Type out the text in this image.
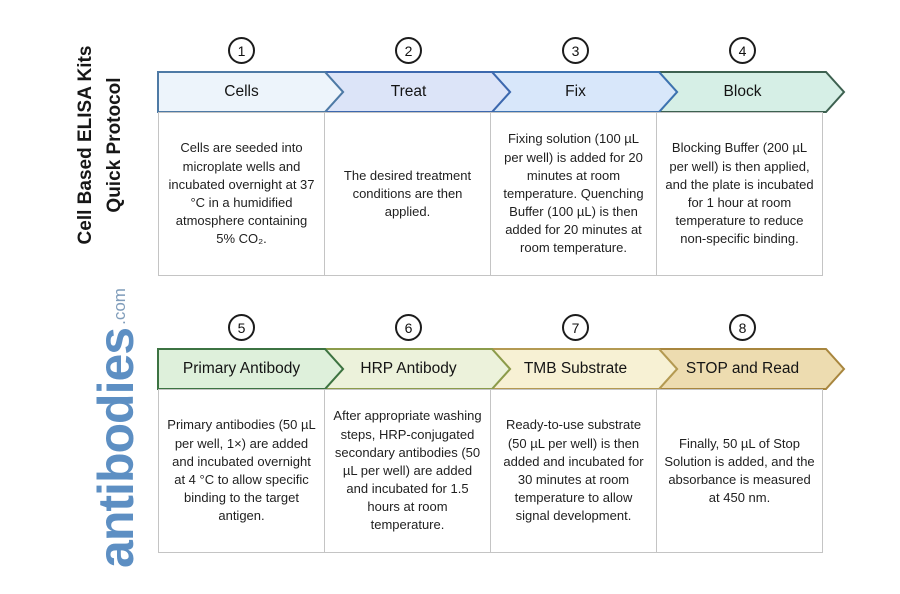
Cell Based ELISA Kits Quick Protocol
antibodies
.com
1	2	3	4
Cells	Treat	Fix	Block

Cells are seeded into microplate wells and incubated overnight at 37 °C in a humidified atmosphere containing 5% CO₂.

The desired treatment conditions are then applied.

Fixing solution (100 µL per well) is added for 20 minutes at room temperature. Quenching Buffer (100 µL) is then added for 20 minutes at room temperature.

Blocking Buffer (200 µL per well) is then applied, and the plate is incubated for 1 hour at room temperature to reduce non-specific binding.

5	6	7	8
Primary Antibody	HRP Antibody	TMB Substrate	STOP and Read

Primary antibodies (50 µL per well, 1×) are added and incubated overnight at 4 °C to allow specific binding to the target antigen.

After appropriate washing steps, HRP-conjugated secondary antibodies (50 µL per well) are added and incubated for 1.5 hours at room temperature.

Ready-to-use substrate (50 µL per well) is then added and incubated for 30 minutes at room temperature to allow signal development.

Finally, 50 µL of Stop Solution is added, and the absorbance is measured at 450 nm.
